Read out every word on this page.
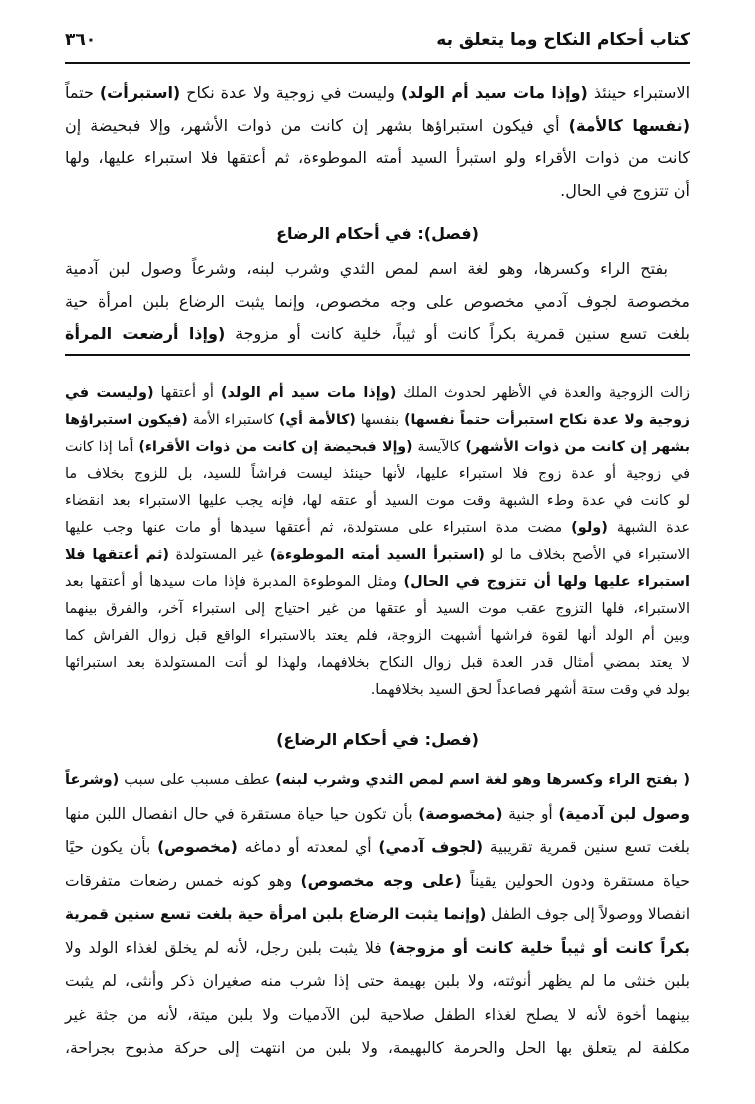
كتاب أحكام النكاح وما يتعلق به
٣٦٠
الاستبراء حينئذ (وإذا مات سيد أم الولد) وليست في زوجية ولا عدة نكاح (استبرأت) حتماً
(نفسها كالأمة) أي فيكون استبراؤها بشهر إن كانت من ذوات الأشهر، وإلا فبحيضة إن
كانت من ذوات الأقراء ولو استبرأ السيد أمته الموطوءة، ثم أعتقها فلا استبراء عليها، ولها
أن تتزوج في الحال.
(فصل): في أحكام الرضاع
بفتح الراء وكسرها، وهو لغة اسم لمص الثدي وشرب لبنه، وشرعاً وصول لبن آدمية
مخصوصة لجوف آدمي مخصوص على وجه مخصوص، وإنما يثبت الرضاع بلبن امرأة حية
بلغت تسع سنين قمرية بكراً كانت أو ثيباً، خلية كانت أو مزوجة (وإذا أرضعت المرأة
زالت الزوجية والعدة في الأظهر لحدوث الملك (وإذا مات سيد أم الولد) أو أعتقها (وليست في
زوجية ولا عدة نكاح استبرأت حتماً نفسها) بنفسها (كالأمة أي) كاستبراء الأمة (فيكون استبراؤها
بشهر إن كانت من ذوات الأشهر) كالآيسة (وإلا فبحيضة إن كانت من ذوات الأقراء) أما إذا كانت
في زوجية أو عدة زوج فلا استبراء عليها، لأنها حينئذ ليست فراشاً للسيد، بل للزوج بخلاف ما
لو كانت في عدة وطء الشبهة وقت موت السيد أو عتقه لها، فإنه يجب عليها الاستبراء بعد انقضاء
عدة الشبهة (ولو) مضت مدة استبراء على مستولدة، ثم أعتقها سيدها أو مات عنها وجب عليها
الاستبراء في الأصح بخلاف ما لو (استبرأ السيد أمته الموطوءة) غير المستولدة (ثم أعتقها فلا
استبراء عليها ولها أن تتزوج في الحال) ومثل الموطوءة المدبرة فإذا مات سيدها أو أعتقها بعد
الاستبراء، فلها التزوج عقب موت السيد أو عتقها من غير احتياج إلى استبراء آخر، والفرق بينهما
وبين أم الولد أنها لقوة فراشها أشبهت الزوجة، فلم يعتد بالاستبراء الواقع قبل زوال الفراش كما
لا يعتد بمضي أمثال قدر العدة قبل زوال النكاح بخلافهما، ولهذا لو أتت المستولدة بعد استبرائها
بولد في وقت ستة أشهر فصاعداً لحق السيد بخلافهما.
(فصل: في أحكام الرضاع)
( بفتح الراء وكسرها وهو لغة اسم لمص الثدي وشرب لبنه) عطف مسبب على سبب (وشرعاً
وصول لبن آدمية) أو جنية (مخصوصة) بأن تكون حيا حياة مستقرة في حال انفصال اللبن منها
بلغت تسع سنين قمرية تقريبية (لجوف آدمي) أي لمعدته أو دماغه (مخصوص) بأن يكون حيًا
حياة مستقرة ودون الحولين يقيناً (على وجه مخصوص) وهو كونه خمس رضعات متفرقات
انفصالا ووصولاً إلى جوف الطفل (وإنما يثبت الرضاع بلبن امرأة حية بلغت تسع سنين قمرية
بكراً كانت أو ثيباً خلية كانت أو مزوجة) فلا يثبت بلبن رجل، لأنه لم يخلق لغذاء الولد ولا
بلبن خنثى ما لم يظهر أنوثته، ولا بلبن بهيمة حتى إذا شرب منه صغيران ذكر وأنثى، لم يثبت
بينهما أخوة لأنه لا يصلح لغذاء الطفل صلاحية لبن الآدميات ولا بلبن ميتة، لأنه من جثة غير
مكلفة لم يتعلق بها الحل والحرمة كالبهيمة، ولا بلبن من انتهت إلى حركة مذبوح بجراحة،
